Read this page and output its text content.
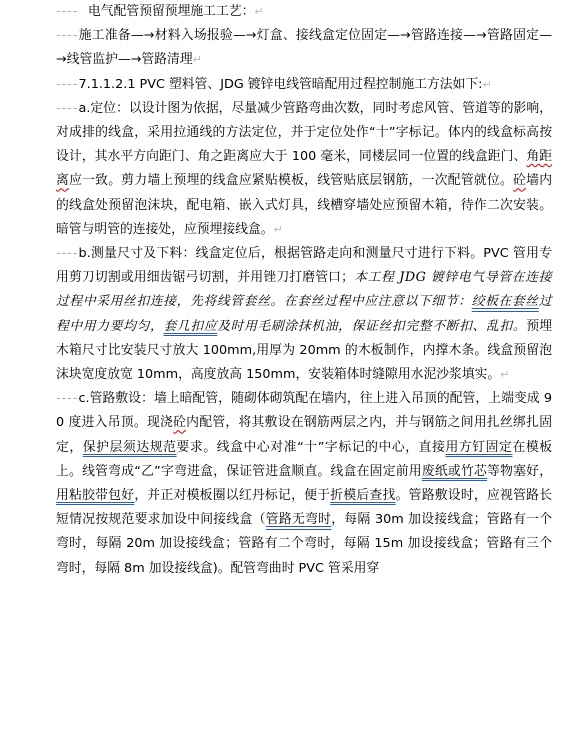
---- 电气配管预留预埋施工工艺：↵

----施工准备—→材料入场报验—→灯盒、接线盒定位固定—→管路连接—→管路固定—→线管监护—→管路清理↵

----7.1.1.2.1 PVC 塑料管、JDG 镀锌电线管暗配用过程控制施工方法如下:↵

----a.定位：以设计图为依据，尽量减少管路弯曲次数，同时考虑风管、管道等的影响，对成排的线盒，采用拉通线的方法定位，并于定位处作“十”字标记。体内的线盒标高按设计，其水平方向距门、角之距离应大于 100 毫米，同楼层同一位置的线盒距门、角距离应一致。剪力墙上预埋的线盒应紧贴模板，线管贴底层钢筋，一次配管就位。砼墙内的线盒处预留泡沫块，配电箱、嵌入式灯具，线槽穿墙处应预留木箱，待作二次安装。暗管与明管的连接处，应预埋接线盒。↵

----b.测量尺寸及下料：线盒定位后，根据管路走向和测量尺寸进行下料。PVC 管用专用剪刀切割或用细齿锯弓切割，并用锉刀打磨管口；本工程 JDG 镀锌电气导管在连接过程中采用丝扣连接，先将线管套丝。在套丝过程中应注意以下细节：绞板在套丝过程中用力要均匀，套几扣应及时用毛刷涂抹机油，保证丝扣完整不断扣、乱扣。预埋木箱尺寸比安装尺寸放大 100mm,用厚为 20mm 的木板制作，内撑木条。线盒预留泡沫块宽度放宽 10mm，高度放高 150mm，安装箱体时缝隙用水泥沙浆填实。↵

----c.管路敷设：墙上暗配管，随砌体砌筑配在墙内，往上进入吊顶的配管，上端变成 90 度进入吊顶。现浇砼内配管，将其敷设在钢筋两层之内，并与钢筋之间用扎丝绑扎固定，保护层须达规范要求。线盒中心对准“十”字标记的中心，直接用方钉固定在模板上。线管弯成“乙”字弯进盒，保证管进盒顺直。线盒在固定前用废纸或竹芯等物塞好，用粘胶带包好，并正对模板圈以红丹标记，便于折模后查找。管路敷设时，应视管路长短情况按规范要求加设中间接线盒（管路无弯时，每隔 30m 加设接线盒；管路有一个弯时，每隔 20m 加设接线盒；管路有二个弯时，每隔 15m 加设接线盒；管路有三个弯时，每隔 8m 加设接线盒)。配管弯曲时 PVC 管采用穿
